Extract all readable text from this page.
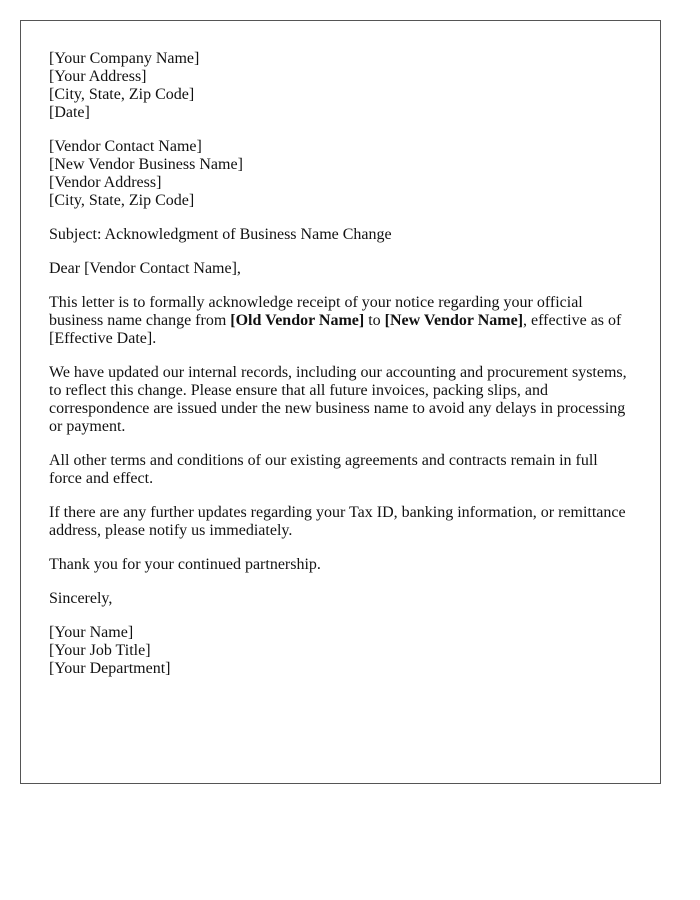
[Your Company Name]
[Your Address]
[City, State, Zip Code]
[Date]

[Vendor Contact Name]
[New Vendor Business Name]
[Vendor Address]
[City, State, Zip Code]

Subject: Acknowledgment of Business Name Change

Dear [Vendor Contact Name],

This letter is to formally acknowledge receipt of your notice regarding your official business name change from [Old Vendor Name] to [New Vendor Name], effective as of [Effective Date].

We have updated our internal records, including our accounting and procurement systems, to reflect this change. Please ensure that all future invoices, packing slips, and correspondence are issued under the new business name to avoid any delays in processing or payment.

All other terms and conditions of our existing agreements and contracts remain in full force and effect.

If there are any further updates regarding your Tax ID, banking information, or remittance address, please notify us immediately.

Thank you for your continued partnership.

Sincerely,

[Your Name]
[Your Job Title]
[Your Department]
